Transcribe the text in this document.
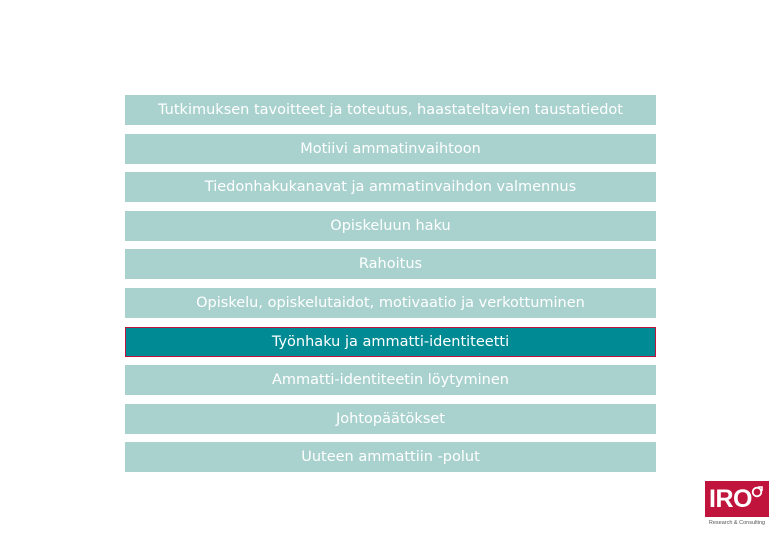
Tutkimuksen tavoitteet ja toteutus, haastateltavien taustatiedot
Motiivi ammatinvaihtoon
Tiedonhakukanavat ja ammatinvaihdon valmennus
Opiskeluun haku
Rahoitus
Opiskelu, opiskelutaidot, motivaatio ja verkottuminen
Työnhaku ja ammatti-identiteetti
Ammatti-identiteetin löytyminen
Johtopäätökset
Uuteen ammattiin -polut
IRO
Research & Consulting
